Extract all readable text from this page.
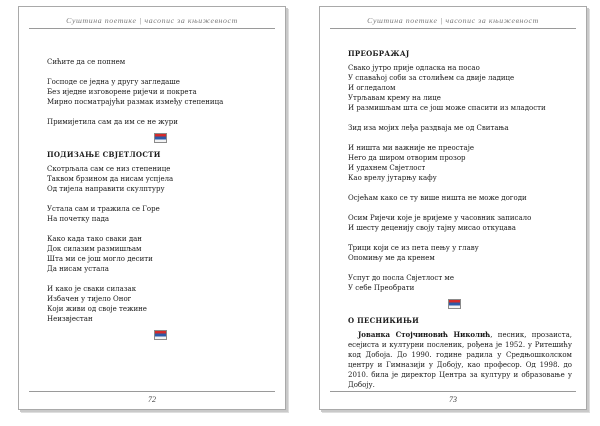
Суштина поетике | часопис за књижевност
Сићите да се попнем
Господе се једна у другу загледаше
Без иједне изговорене ријечи и покрета
Мирно посматрајући размак између степеница
Примијетила сам да им се не жури
ПОДИЗАЊЕ СВЈЕТЛОСТИ
Скотрљала сам се низ степенице
Таквом брзином да нисам успјела
Од тијела направити скулптуру
Устала сам и тражила се Горе
На почетку пада
Како када тако сваки дан
Док силазим размишљам
Шта ми се још могло десити
Да нисам устала
И како је сваки силазак
Избачен у тијело Оног
Који живи од своје тежине
Неизвјестан
72
Суштина поетике | часопис за књижевност
ПРЕОБРАЖАЈ
Свако јутро прије одласка на посао
У спаваћој соби за столићем са двије ладице
И огледалом
Утрљавам крему на лице
И размишљам шта се још може спасити из младости
Зид иза мојих леђа раздваја ме од Свитања
И ништа ми важније не преостаје
Него да широм отворим прозор
И удахнем Свјетлост
Као врелу јутарњу кафу
Осјећам како се ту више ништа не може догоди
Осим Ријечи које је вријеме у часовник записало
И шесту деценију своју тајну мисао откуцава
Трици који се из пета пењу у главу
Опомињу ме да кренем
Успут до посла Свјетлост ме
У себе Преобрати
О ПЕСНИКИЊИ
Јованка Стојчиновић Николић, песник, прозаиста, есејиста и културни посленик, рођена је 1952. у Ритешићу код Добоја. До 1990. године радила у Средњошколском центру и Гимназији у Добоју, као професор. Од 1998. до 2010. била је директор Центра за културу и образовање у Добоју.
73
